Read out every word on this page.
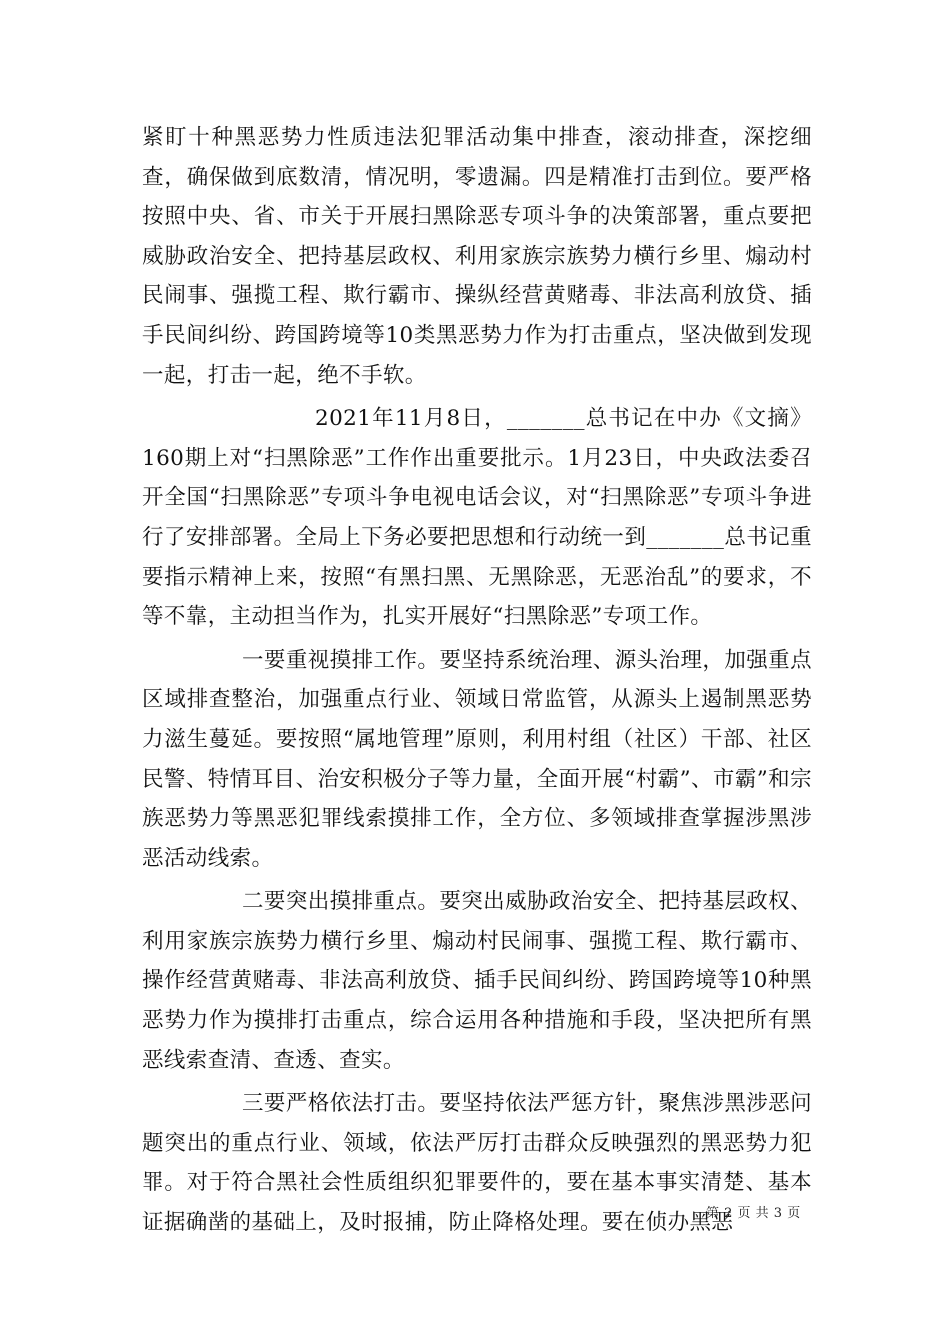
紧盯十种黑恶势力性质违法犯罪活动集中排查，滚动排查，深挖细查，确保做到底数清，情况明，零遗漏。四是精准打击到位。要严格按照中央、省、市关于开展扫黑除恶专项斗争的决策部署，重点要把威胁政治安全、把持基层政权、利用家族宗族势力横行乡里、煽动村民闹事、强揽工程、欺行霸市、操纵经营黄赌毒、非法高利放贷、插手民间纠纷、跨国跨境等10类黑恶势力作为打击重点，坚决做到发现一起，打击一起，绝不手软。

2021年11月8日，_______总书记在中办《文摘》160期上对“扫黑除恶”工作作出重要批示。1月23日，中央政法委召开全国“扫黑除恶”专项斗争电视电话会议，对“扫黑除恶”专项斗争进行了安排部署。全局上下务必要把思想和行动统一到_______总书记重要指示精神上来，按照“有黑扫黑、无黑除恶，无恶治乱”的要求，不等不靠，主动担当作为，扎实开展好“扫黑除恶”专项工作。

一要重视摸排工作。要坚持系统治理、源头治理，加强重点区域排查整治，加强重点行业、领域日常监管，从源头上遏制黑恶势力滋生蔓延。要按照“属地管理”原则，利用村组（社区）干部、社区民警、特情耳目、治安积极分子等力量，全面开展“村霸”、市霸”和宗族恶势力等黑恶犯罪线索摸排工作，全方位、多领域排查掌握涉黑涉恶活动线索。

二要突出摸排重点。要突出威胁政治安全、把持基层政权、利用家族宗族势力横行乡里、煽动村民闹事、强揽工程、欺行霸市、操作经营黄赌毒、非法高利放贷、插手民间纠纷、跨国跨境等10种黑恶势力作为摸排打击重点，综合运用各种措施和手段，坚决把所有黑恶线索查清、查透、查实。

三要严格依法打击。要坚持依法严惩方针，聚焦涉黑涉恶问题突出的重点行业、领域，依法严厉打击群众反映强烈的黑恶势力犯罪。对于符合黑社会性质组织犯罪要件的，要在基本事实清楚、基本证据确凿的基础上，及时报捕，防止降格处理。要在侦办黑恶

第 2 页 共 3 页
